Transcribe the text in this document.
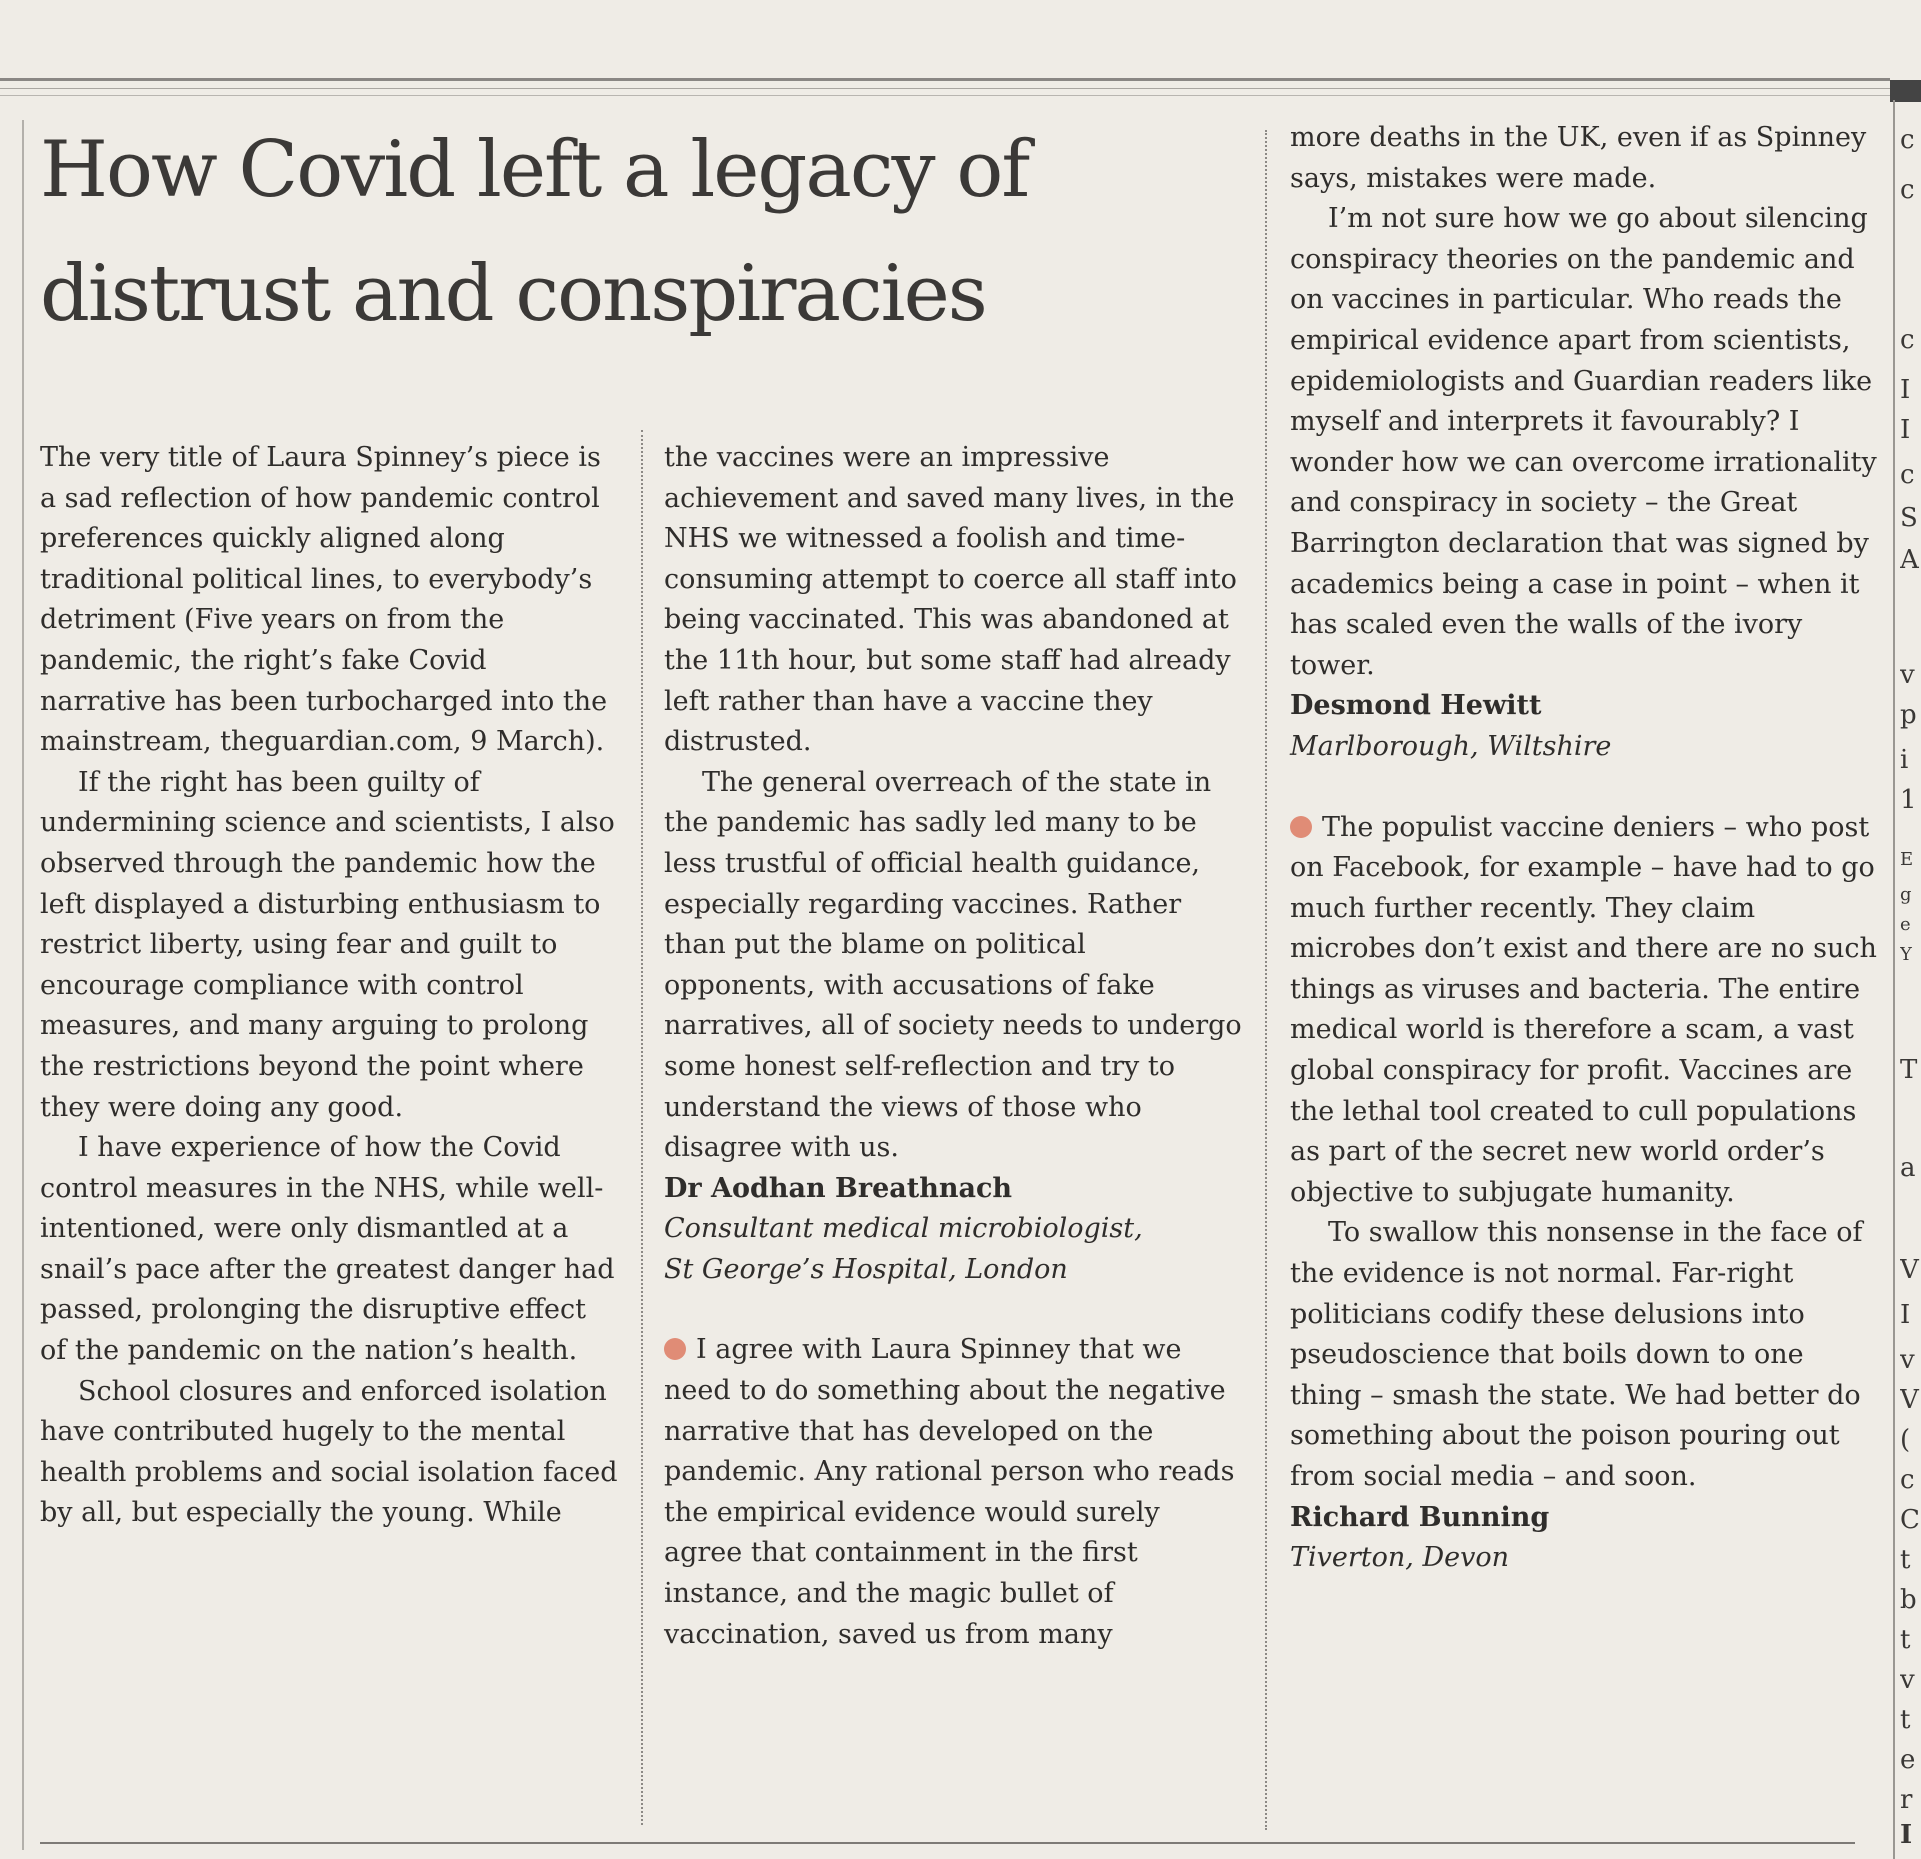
How Covid left a legacy of
distrust and conspiracies

The very title of Laura Spinney’s piece is a sad reflection of how pandemic control preferences quickly aligned along traditional political lines, to everybody’s detriment (Five years on from the pandemic, the right’s fake Covid narrative has been turbocharged into the mainstream, theguardian.com, 9 March).

If the right has been guilty of undermining science and scientists, I also observed through the pandemic how the left displayed a disturbing enthusiasm to restrict liberty, using fear and guilt to encourage compliance with control measures, and many arguing to prolong the restrictions beyond the point where they were doing any good.

I have experience of how the Covid control measures in the NHS, while well-intentioned, were only dismantled at a snail’s pace after the greatest danger had passed, prolonging the disruptive effect of the pandemic on the nation’s health.

School closures and enforced isolation have contributed hugely to the mental health problems and social isolation faced by all, but especially the young. While

the vaccines were an impressive achievement and saved many lives, in the NHS we witnessed a foolish and time-consuming attempt to coerce all staff into being vaccinated. This was abandoned at the 11th hour, but some staff had already left rather than have a vaccine they distrusted.

The general overreach of the state in the pandemic has sadly led many to be less trustful of official health guidance, especially regarding vaccines. Rather than put the blame on political opponents, with accusations of fake narratives, all of society needs to undergo some honest self-reflection and try to understand the views of those who disagree with us.

Dr Aodhan Breathnach

Consultant medical microbiologist,

St George’s Hospital, London

I agree with Laura Spinney that we need to do something about the negative narrative that has developed on the pandemic. Any rational person who reads the empirical evidence would surely agree that containment in the first instance, and the magic bullet of vaccination, saved us from many

more deaths in the UK, even if as Spinney says, mistakes were made.

I’m not sure how we go about silencing conspiracy theories on the pandemic and on vaccines in particular. Who reads the empirical evidence apart from scientists, epidemiologists and Guardian readers like myself and interprets it favourably? I wonder how we can overcome irrationality and conspiracy in society – the Great Barrington declaration that was signed by academics being a case in point – when it has scaled even the walls of the ivory tower.

Desmond Hewitt

Marlborough, Wiltshire

The populist vaccine deniers – who post on Facebook, for example – have had to go much further recently. They claim microbes don’t exist and there are no such things as viruses and bacteria. The entire medical world is therefore a scam, a vast global conspiracy for profit. Vaccines are the lethal tool created to cull populations as part of the secret new world order’s objective to subjugate humanity.

To swallow this nonsense in the face of the evidence is not normal. Far-right politicians codify these delusions into pseudoscience that boils down to one thing – smash the state. We had better do something about the poison pouring out from social media – and soon.

Richard Bunning

Tiverton, Devon

c
c
c
I
I
c
S
A
v
p
i
1
E
g
e
Y
T
a
V
I
v
V
(
c
C
t
b
t
v
t
e
r
I
